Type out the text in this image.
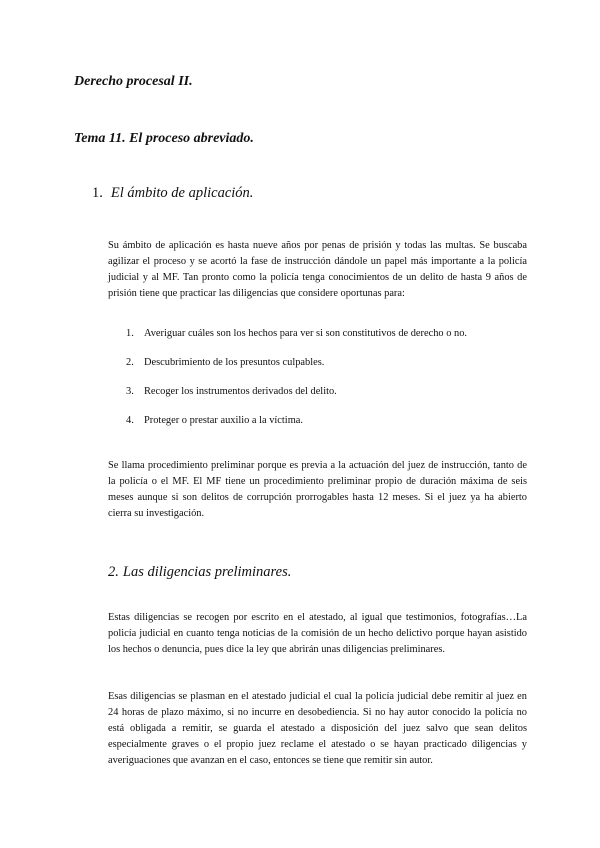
Derecho procesal II.
Tema 11. El proceso abreviado.
1. El ámbito de aplicación.

Su ámbito de aplicación es hasta nueve años por penas de prisión y todas las multas. Se buscaba agilizar el proceso y se acortó la fase de instrucción dándole un papel más importante a la policía judicial y al MF. Tan pronto como la policía tenga conocimientos de un delito de hasta 9 años de prisión tiene que practicar las diligencias que considere oportunas para:

1. Averiguar cuáles son los hechos para ver si son constitutivos de derecho o no.
2. Descubrimiento de los presuntos culpables.
3. Recoger los instrumentos derivados del delito.
4. Proteger o prestar auxilio a la víctima.

Se llama procedimiento preliminar porque es previa a la actuación del juez de instrucción, tanto de la policía o el MF. El MF tiene un procedimiento preliminar propio de duración máxima de seis meses aunque si son delitos de corrupción prorrogables hasta 12 meses. Si el juez ya ha abierto cierra su investigación.

2. Las diligencias preliminares.

Estas diligencias se recogen por escrito en el atestado, al igual que testimonios, fotografías…La policía judicial en cuanto tenga noticias de la comisión de un hecho delictivo porque hayan asistido los hechos o denuncia, pues dice la ley que abrirán unas diligencias preliminares.

Esas diligencias se plasman en el atestado judicial el cual la policía judicial debe remitir al juez en 24 horas de plazo máximo, si no incurre en desobediencia. Si no hay autor conocido la policía no está obligada a remitir, se guarda el atestado a disposición del juez salvo que sean delitos especialmente graves o el propio juez reclame el atestado o se hayan practicado diligencias y averiguaciones que avanzan en el caso, entonces se tiene que remitir sin autor.
